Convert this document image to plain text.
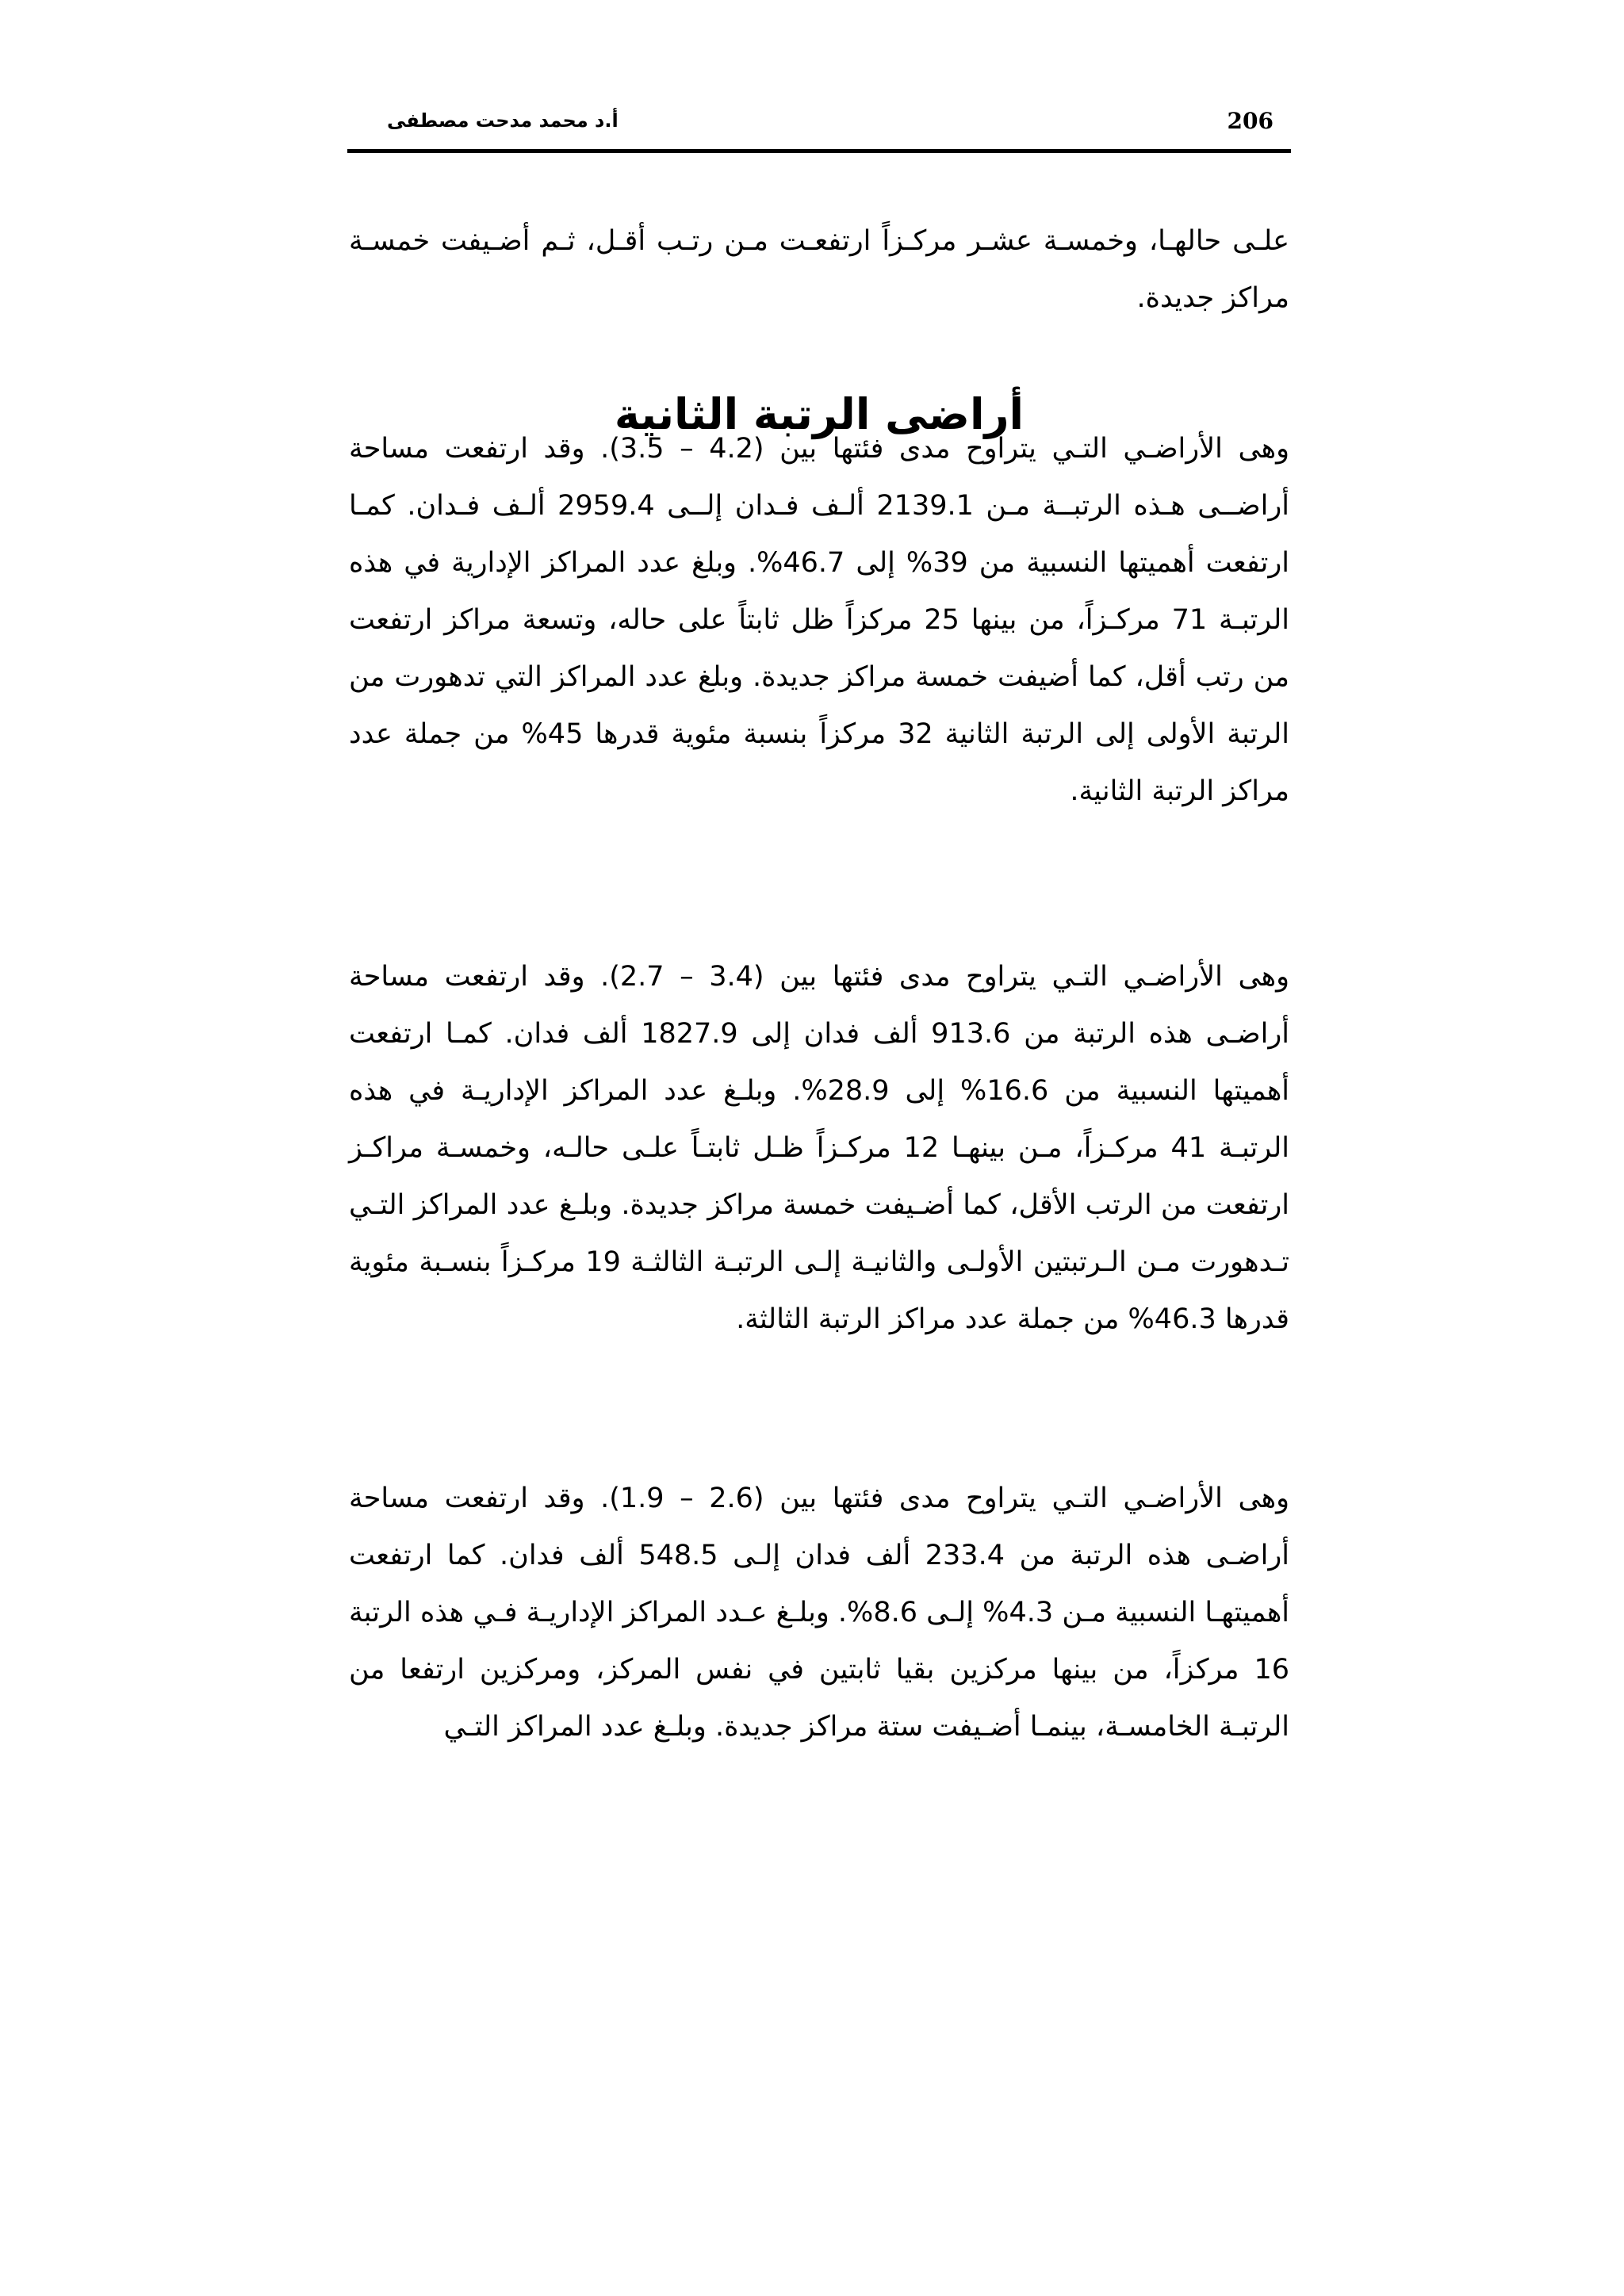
206
أ.د محمد مدحت مصطفى

علـى حالهـا، وخمسـة عشـر مركـزاً ارتفعـت مـن رتـب أقـل، ثـم أضـيفت خمسـة مراكز جديدة.

أراضى الرتبة الثانية

وهى الأراضـي التـي يتراوح مدى فئتها بين (4.2 – 3.5). وقد ارتفعت مساحة أراضــى هـذه الرتبــة مـن 2139.1 ألـف فـدان إلــى 2959.4 ألـف فـدان. كمـا ارتفعت أهميتها النسبية من 39% إلى 46.7%. وبلغ عدد المراكز الإدارية في هذه الرتبـة 71 مركـزاً، من بينها 25 مركزاً ظل ثابتاً على حاله، وتسعة مراكز ارتفعت من رتب أقل، كما أضيفت خمسة مراكز جديدة. وبلغ عدد المراكز التي تدهورت من الرتبة الأولى إلى الرتبة الثانية 32 مركزاً بنسبة مئوية قدرها 45% من جملة عدد مراكز الرتبة الثانية.

وهى الأراضـي التـي يتراوح مدى فئتها بين (3.4 – 2.7). وقد ارتفعت مساحة أراضـى هذه الرتبة من 913.6 ألف فدان إلى 1827.9 ألف فدان. كمـا ارتفعت أهميتها النسبية من 16.6% إلى 28.9%. وبلـغ عدد المراكز الإداريـة في هذه الرتبـة 41 مركـزاً، مـن بينهـا 12 مركـزاً ظـل ثابتـاً علـى حالـه، وخمسـة مراكـز ارتفعت من الرتب الأقل، كما أضـيفت خمسة مراكز جديدة. وبلـغ عدد المراكز التـي تـدهورت مـن الـرتبتين الأولـى والثانيـة إلـى الرتبـة الثالثـة 19 مركـزاً بنسـبة مئوية قدرها 46.3% من جملة عدد مراكز الرتبة الثالثة.

وهى الأراضـي التـي يتراوح مدى فئتها بين (2.6 – 1.9). وقد ارتفعت مساحة أراضـى هذه الرتبة من 233.4 ألف فدان إلـى 548.5 ألف فدان. كما ارتفعت أهميتهـا النسبية مـن 4.3% إلـى 8.6%. وبلـغ عـدد المراكز الإداريـة فـي هذه الرتبة 16 مركزاً، من بينها مركزين بقيا ثابتين في نفس المركز، ومركزين ارتفعا من الرتبـة الخامسـة، بينمـا أضـيفت ستة مراكز جديدة. وبلـغ عدد المراكز التـي
